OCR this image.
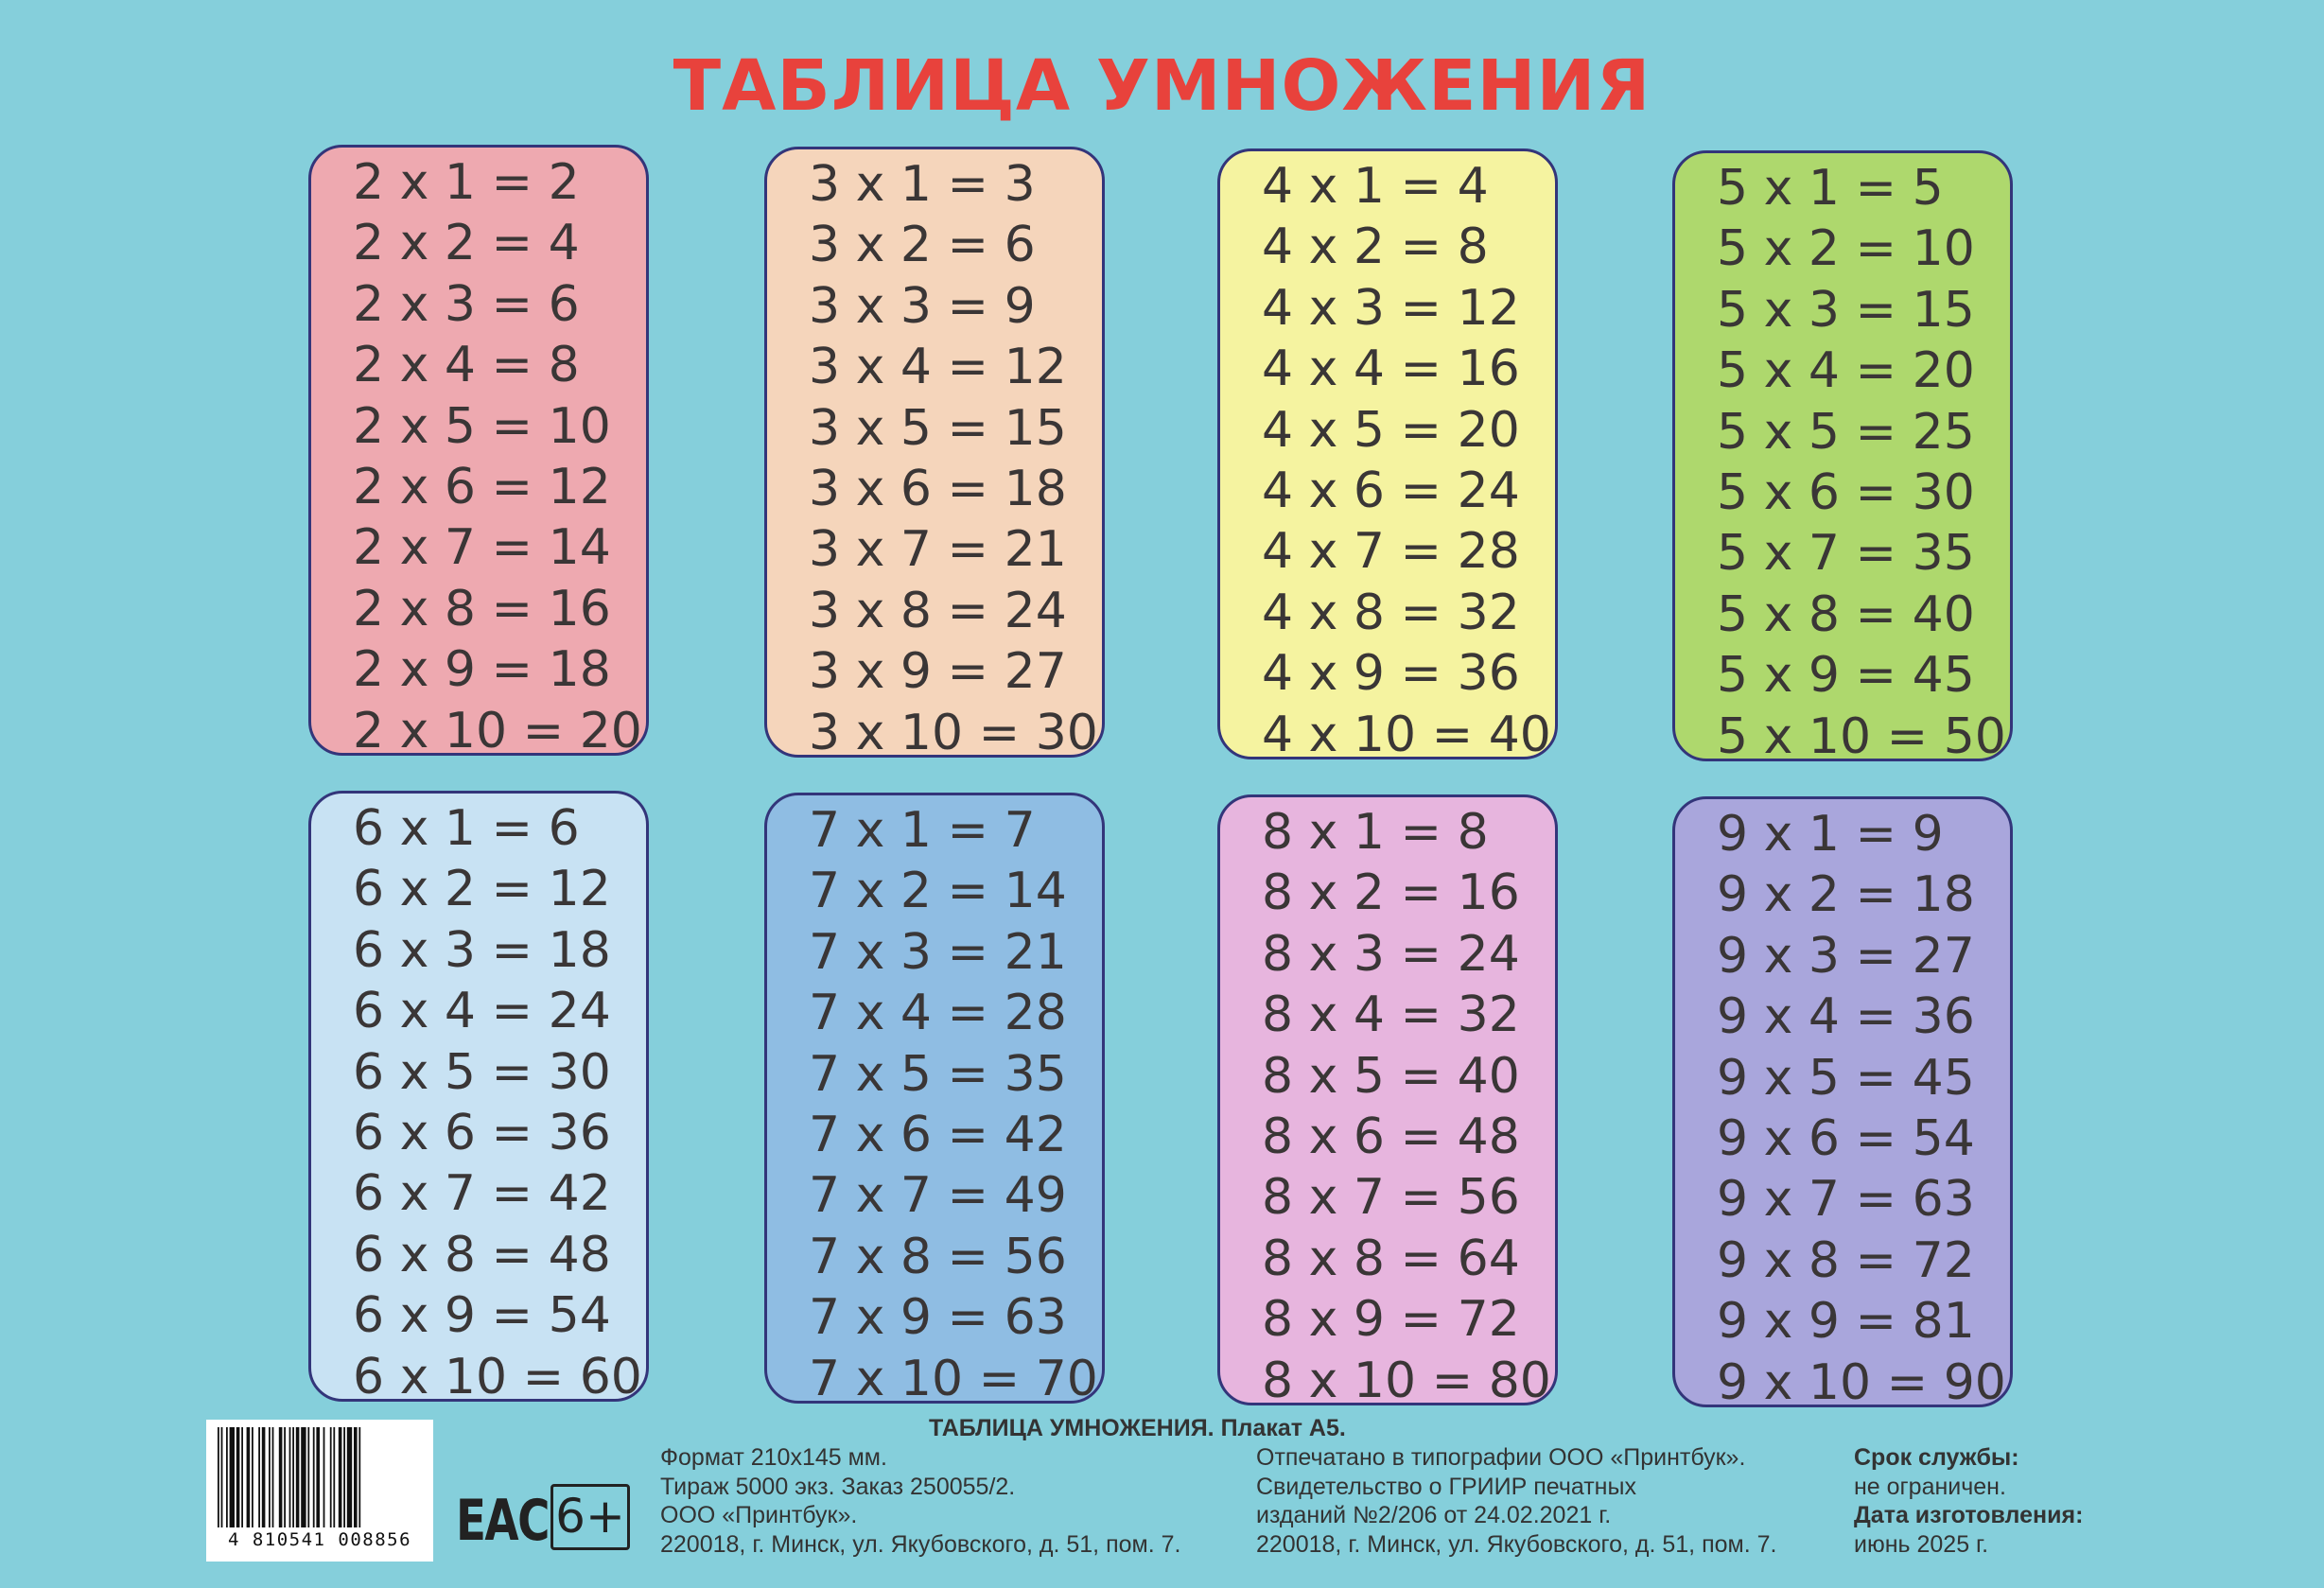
ТАБЛИЦА УМНОЖЕНИЯ
2 x 1 = 2
2 x 2 = 4
2 x 3 = 6
2 x 4 = 8
2 x 5 = 10
2 x 6 = 12
2 x 7 = 14
2 x 8 = 16
2 x 9 = 18
2 x 10 = 20
3 x 1 = 3
3 x 2 = 6
3 x 3 = 9
3 x 4 = 12
3 x 5 = 15
3 x 6 = 18
3 x 7 = 21
3 x 8 = 24
3 x 9 = 27
3 x 10 = 30
4 x 1 = 4
4 x 2 = 8
4 x 3 = 12
4 x 4 = 16
4 x 5 = 20
4 x 6 = 24
4 x 7 = 28
4 x 8 = 32
4 x 9 = 36
4 x 10 = 40
5 x 1 = 5
5 x 2 = 10
5 x 3 = 15
5 x 4 = 20
5 x 5 = 25
5 x 6 = 30
5 x 7 = 35
5 x 8 = 40
5 x 9 = 45
5 x 10 = 50
6 x 1 = 6
6 x 2 = 12
6 x 3 = 18
6 x 4 = 24
6 x 5 = 30
6 x 6 = 36
6 x 7 = 42
6 x 8 = 48
6 x 9 = 54
6 x 10 = 60
7 x 1 = 7
7 x 2 = 14
7 x 3 = 21
7 x 4 = 28
7 x 5 = 35
7 x 6 = 42
7 x 7 = 49
7 x 8 = 56
7 x 9 = 63
7 x 10 = 70
8 x 1 = 8
8 x 2 = 16
8 x 3 = 24
8 x 4 = 32
8 x 5 = 40
8 x 6 = 48
8 x 7 = 56
8 x 8 = 64
8 x 9 = 72
8 x 10 = 80
9 x 1 = 9
9 x 2 = 18
9 x 3 = 27
9 x 4 = 36
9 x 5 = 45
9 x 6 = 54
9 x 7 = 63
9 x 8 = 72
9 x 9 = 81
9 x 10 = 90
4 810541 008856 EAC 6+
ТАБЛИЦА УМНОЖЕНИЯ. Плакат А5.
Формат 210х145 мм.
Тираж 5000 экз. Заказ 250055/2.
ООО «Принтбук».
220018, г. Минск, ул. Якубовского, д. 51, пом. 7.
Отпечатано в типографии ООО «Принтбук».
Свидетельство о ГРИИР печатных
изданий №2/206 от 24.02.2021 г.
220018, г. Минск, ул. Якубовского, д. 51, пом. 7.
Срок службы:
не ограничен.
Дата изготовления:
июнь 2025 г.
